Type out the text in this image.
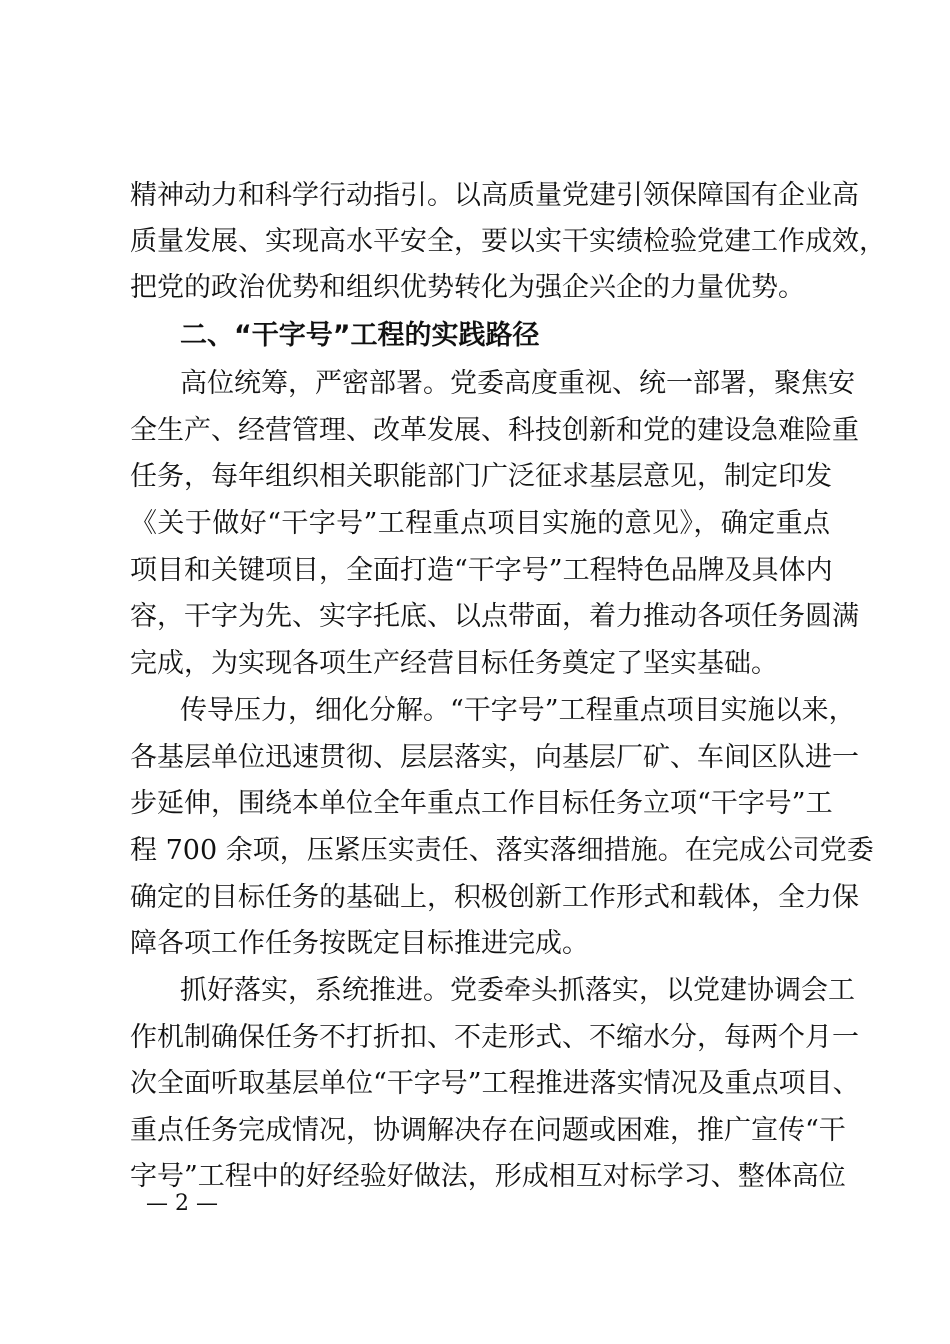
精神动力和科学行动指引。以高质量党建引领保障国有企业高
质量发展、实现高水平安全，要以实干实绩检验党建工作成效，
把党的政治优势和组织优势转化为强企兴企的力量优势。
二、“干字号”工程的实践路径
高位统筹，严密部署。党委高度重视、统一部署，聚焦安
全生产、经营管理、改革发展、科技创新和党的建设急难险重
任务，每年组织相关职能部门广泛征求基层意见，制定印发
《关于做好“干字号”工程重点项目实施的意见》，确定重点
项目和关键项目，全面打造“干字号”工程特色品牌及具体内
容，干字为先、实字托底、以点带面，着力推动各项任务圆满
完成，为实现各项生产经营目标任务奠定了坚实基础。
传导压力，细化分解。“干字号”工程重点项目实施以来，
各基层单位迅速贯彻、层层落实，向基层厂矿、车间区队进一
步延伸，围绕本单位全年重点工作目标任务立项“干字号”工
程 700 余项，压紧压实责任、落实落细措施。在完成公司党委
确定的目标任务的基础上，积极创新工作形式和载体，全力保
障各项工作任务按既定目标推进完成。
抓好落实，系统推进。党委牵头抓落实，以党建协调会工
作机制确保任务不打折扣、不走形式、不缩水分，每两个月一
次全面听取基层单位“干字号”工程推进落实情况及重点项目、
重点任务完成情况，协调解决存在问题或困难，推广宣传“干
字号”工程中的好经验好做法，形成相互对标学习、整体高位
— 2 —
